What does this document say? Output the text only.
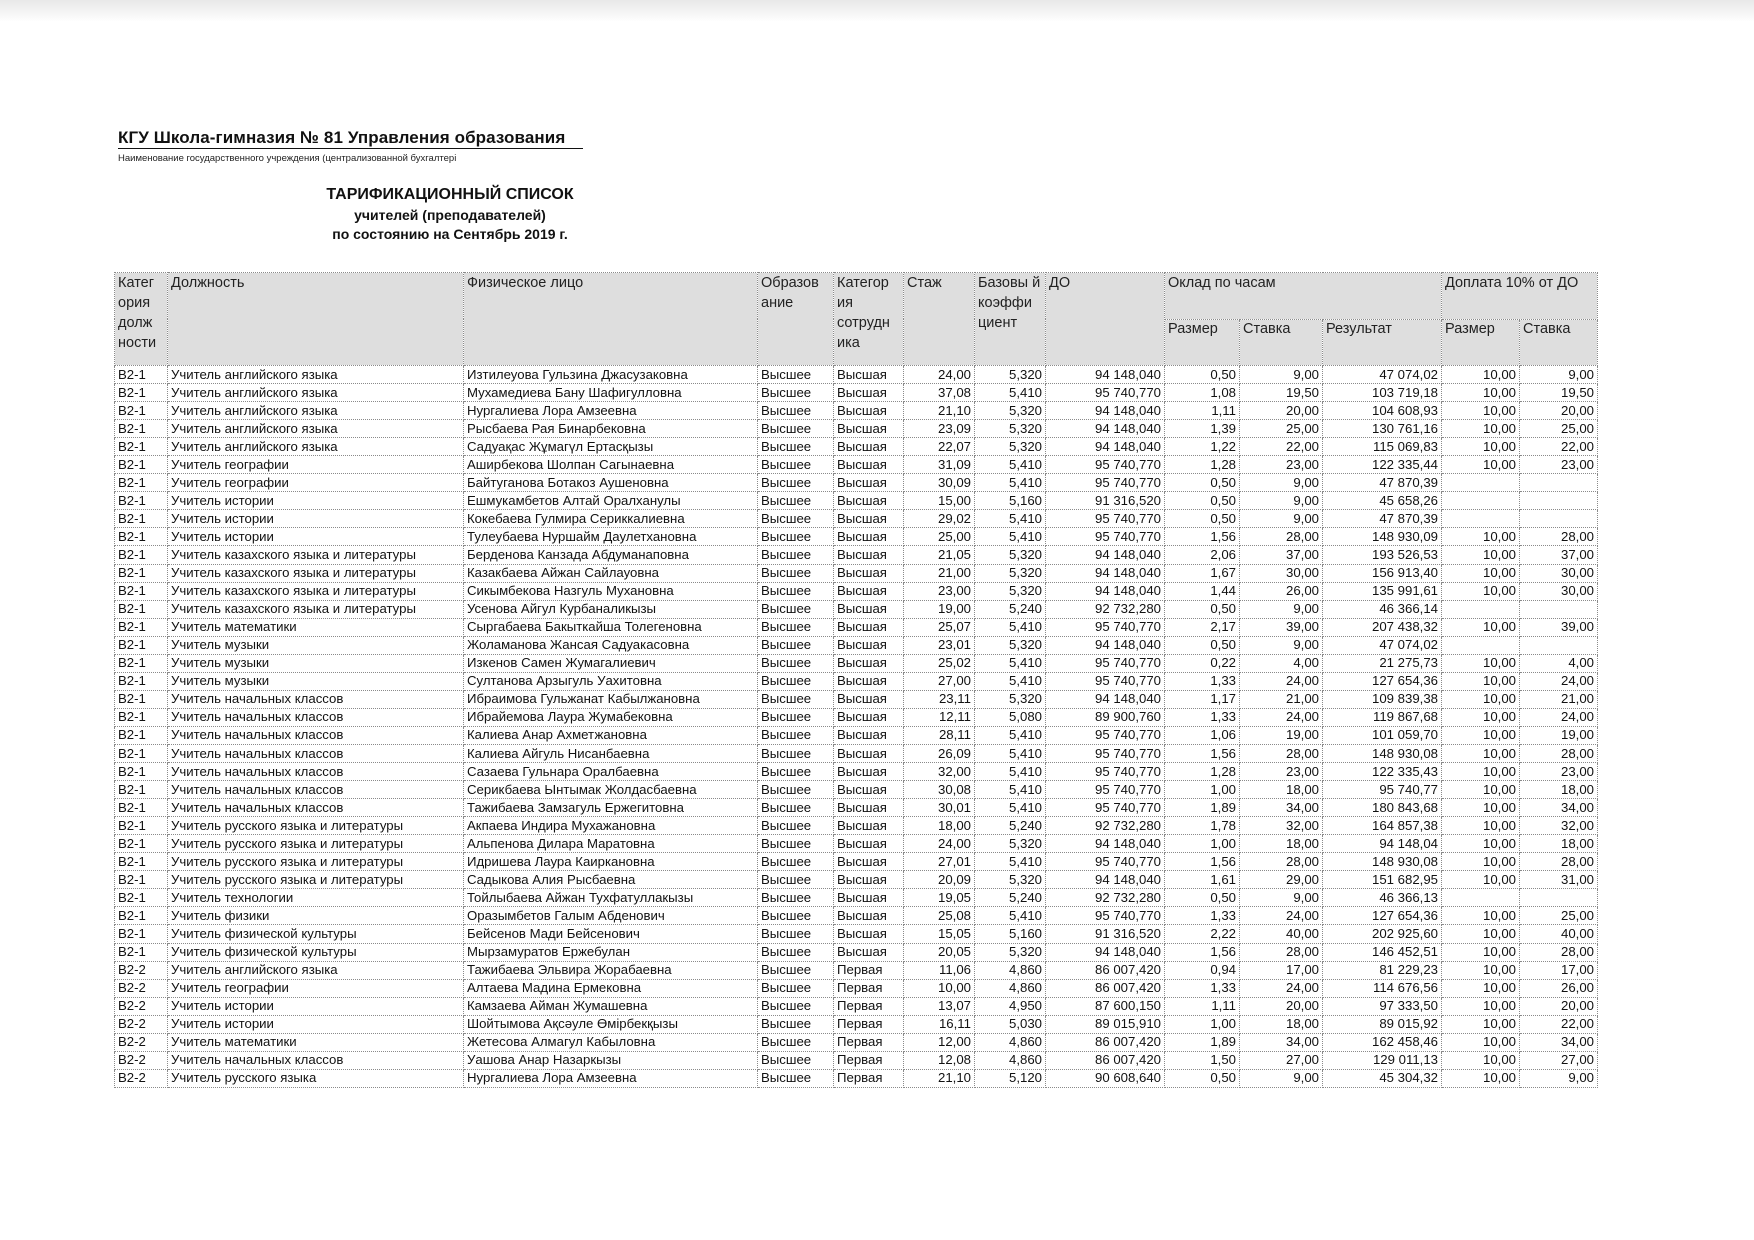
КГУ Школа-гимназия № 81 Управления образования
Наименование государственного учреждения (централизованной бухгалтері
ТАРИФИКАЦИОННЫЙ СПИСОК
учителей (преподавателей)
по состоянию на Сентябрь 2019 г.
Катег ория долж ности	Должность	Физическое лицо	Образов ание	Категор ия сотрудн ика	Стаж	Базовы й коэффи циент	ДО	Оклад по часам			Доплата 10% от ДО	
								Размер	Ставка	Результат	Размер	Ставка
В2-1	Учитель английского языка	Изтилеуова Гульзина Джасузаковна	Высшее	Высшая	24,00	5,320	94 148,040	0,50	9,00	47 074,02	10,00	9,00
В2-1	Учитель английского языка	Мухамедиева Бану Шафигулловна	Высшее	Высшая	37,08	5,410	95 740,770	1,08	19,50	103 719,18	10,00	19,50
В2-1	Учитель английского языка	Нургалиева Лора Амзеевна	Высшее	Высшая	21,10	5,320	94 148,040	1,11	20,00	104 608,93	10,00	20,00
В2-1	Учитель английского языка	Рысбаева Рая Бинарбековна	Высшее	Высшая	23,09	5,320	94 148,040	1,39	25,00	130 761,16	10,00	25,00
В2-1	Учитель английского языка	Садуақас Жұмагүл Ертасқызы	Высшее	Высшая	22,07	5,320	94 148,040	1,22	22,00	115 069,83	10,00	22,00
В2-1	Учитель географии	Аширбекова Шолпан Сагынаевна	Высшее	Высшая	31,09	5,410	95 740,770	1,28	23,00	122 335,44	10,00	23,00
В2-1	Учитель географии	Байтуганова Ботакоз Аушеновна	Высшее	Высшая	30,09	5,410	95 740,770	0,50	9,00	47 870,39		
В2-1	Учитель истории	Ешмукамбетов Алтай Оралханулы	Высшее	Высшая	15,00	5,160	91 316,520	0,50	9,00	45 658,26		
В2-1	Учитель истории	Кокебаева Гулмира Сериккалиевна	Высшее	Высшая	29,02	5,410	95 740,770	0,50	9,00	47 870,39		
В2-1	Учитель истории	Тулеубаева Нуршайм Даулетхановна	Высшее	Высшая	25,00	5,410	95 740,770	1,56	28,00	148 930,09	10,00	28,00
В2-1	Учитель казахского языка и литературы	Берденова Канзада Абдуманаповна	Высшее	Высшая	21,05	5,320	94 148,040	2,06	37,00	193 526,53	10,00	37,00
В2-1	Учитель казахского языка и литературы	Казакбаева Айжан Сайлауовна	Высшее	Высшая	21,00	5,320	94 148,040	1,67	30,00	156 913,40	10,00	30,00
В2-1	Учитель казахского языка и литературы	Сикымбекова Назгуль Мухановна	Высшее	Высшая	23,00	5,320	94 148,040	1,44	26,00	135 991,61	10,00	30,00
В2-1	Учитель казахского языка и литературы	Усенова Айгул Курбаналикызы	Высшее	Высшая	19,00	5,240	92 732,280	0,50	9,00	46 366,14		
В2-1	Учитель математики	Сыргабаева Бакыткайша Толегеновна	Высшее	Высшая	25,07	5,410	95 740,770	2,17	39,00	207 438,32	10,00	39,00
В2-1	Учитель музыки	Жоламанова Жансая Садуакасовна	Высшее	Высшая	23,01	5,320	94 148,040	0,50	9,00	47 074,02		
В2-1	Учитель музыки	Изкенов Самен Жумагалиевич	Высшее	Высшая	25,02	5,410	95 740,770	0,22	4,00	21 275,73	10,00	4,00
В2-1	Учитель музыки	Султанова Арзыгуль Уахитовна	Высшее	Высшая	27,00	5,410	95 740,770	1,33	24,00	127 654,36	10,00	24,00
В2-1	Учитель начальных классов	Ибраимова Гульжанат Кабылжановна	Высшее	Высшая	23,11	5,320	94 148,040	1,17	21,00	109 839,38	10,00	21,00
В2-1	Учитель начальных классов	Ибрайемова Лаура Жумабековна	Высшее	Высшая	12,11	5,080	89 900,760	1,33	24,00	119 867,68	10,00	24,00
В2-1	Учитель начальных классов	Калиева Анар Ахметжановна	Высшее	Высшая	28,11	5,410	95 740,770	1,06	19,00	101 059,70	10,00	19,00
В2-1	Учитель начальных классов	Калиева Айгуль Нисанбаевна	Высшее	Высшая	26,09	5,410	95 740,770	1,56	28,00	148 930,08	10,00	28,00
В2-1	Учитель начальных классов	Сазаева Гульнара Оралбаевна	Высшее	Высшая	32,00	5,410	95 740,770	1,28	23,00	122 335,43	10,00	23,00
В2-1	Учитель начальных классов	Серикбаева Ынтымак Жолдасбаевна	Высшее	Высшая	30,08	5,410	95 740,770	1,00	18,00	95 740,77	10,00	18,00
В2-1	Учитель начальных классов	Тажибаева Замзагуль Ержегитовна	Высшее	Высшая	30,01	5,410	95 740,770	1,89	34,00	180 843,68	10,00	34,00
В2-1	Учитель русского языка и литературы	Акпаева Индира Мухажановна	Высшее	Высшая	18,00	5,240	92 732,280	1,78	32,00	164 857,38	10,00	32,00
В2-1	Учитель русского языка и литературы	Альпенова Дилара Маратовна	Высшее	Высшая	24,00	5,320	94 148,040	1,00	18,00	94 148,04	10,00	18,00
В2-1	Учитель русского языка и литературы	Идришева Лаура Каиркановна	Высшее	Высшая	27,01	5,410	95 740,770	1,56	28,00	148 930,08	10,00	28,00
В2-1	Учитель русского языка и литературы	Садыкова Алия Рысбаевна	Высшее	Высшая	20,09	5,320	94 148,040	1,61	29,00	151 682,95	10,00	31,00
В2-1	Учитель технологии	Тойлыбаева Айжан Тухфатуллакызы	Высшее	Высшая	19,05	5,240	92 732,280	0,50	9,00	46 366,13		
В2-1	Учитель физики	Оразымбетов Галым Абденович	Высшее	Высшая	25,08	5,410	95 740,770	1,33	24,00	127 654,36	10,00	25,00
В2-1	Учитель физической культуры	Бейсенов Мади Бейсенович	Высшее	Высшая	15,05	5,160	91 316,520	2,22	40,00	202 925,60	10,00	40,00
В2-1	Учитель физической культуры	Мырзамуратов Ержебулан	Высшее	Высшая	20,05	5,320	94 148,040	1,56	28,00	146 452,51	10,00	28,00
В2-2	Учитель английского языка	Тажибаева Эльвира Жорабаевна	Высшее	Первая	11,06	4,860	86 007,420	0,94	17,00	81 229,23	10,00	17,00
В2-2	Учитель географии	Алтаева Мадина Ермековна	Высшее	Первая	10,00	4,860	86 007,420	1,33	24,00	114 676,56	10,00	26,00
В2-2	Учитель истории	Камзаева Айман Жумашевна	Высшее	Первая	13,07	4,950	87 600,150	1,11	20,00	97 333,50	10,00	20,00
В2-2	Учитель истории	Шойтымова Ақсәуле Өмірбекқызы	Высшее	Первая	16,11	5,030	89 015,910	1,00	18,00	89 015,92	10,00	22,00
В2-2	Учитель математики	Жетесова Алмагул Кабыловна	Высшее	Первая	12,00	4,860	86 007,420	1,89	34,00	162 458,46	10,00	34,00
В2-2	Учитель начальных классов	Уашова Анар Назаркызы	Высшее	Первая	12,08	4,860	86 007,420	1,50	27,00	129 011,13	10,00	27,00
В2-2	Учитель русского языка	Нургалиева Лора Амзеевна	Высшее	Первая	21,10	5,120	90 608,640	0,50	9,00	45 304,32	10,00	9,00
